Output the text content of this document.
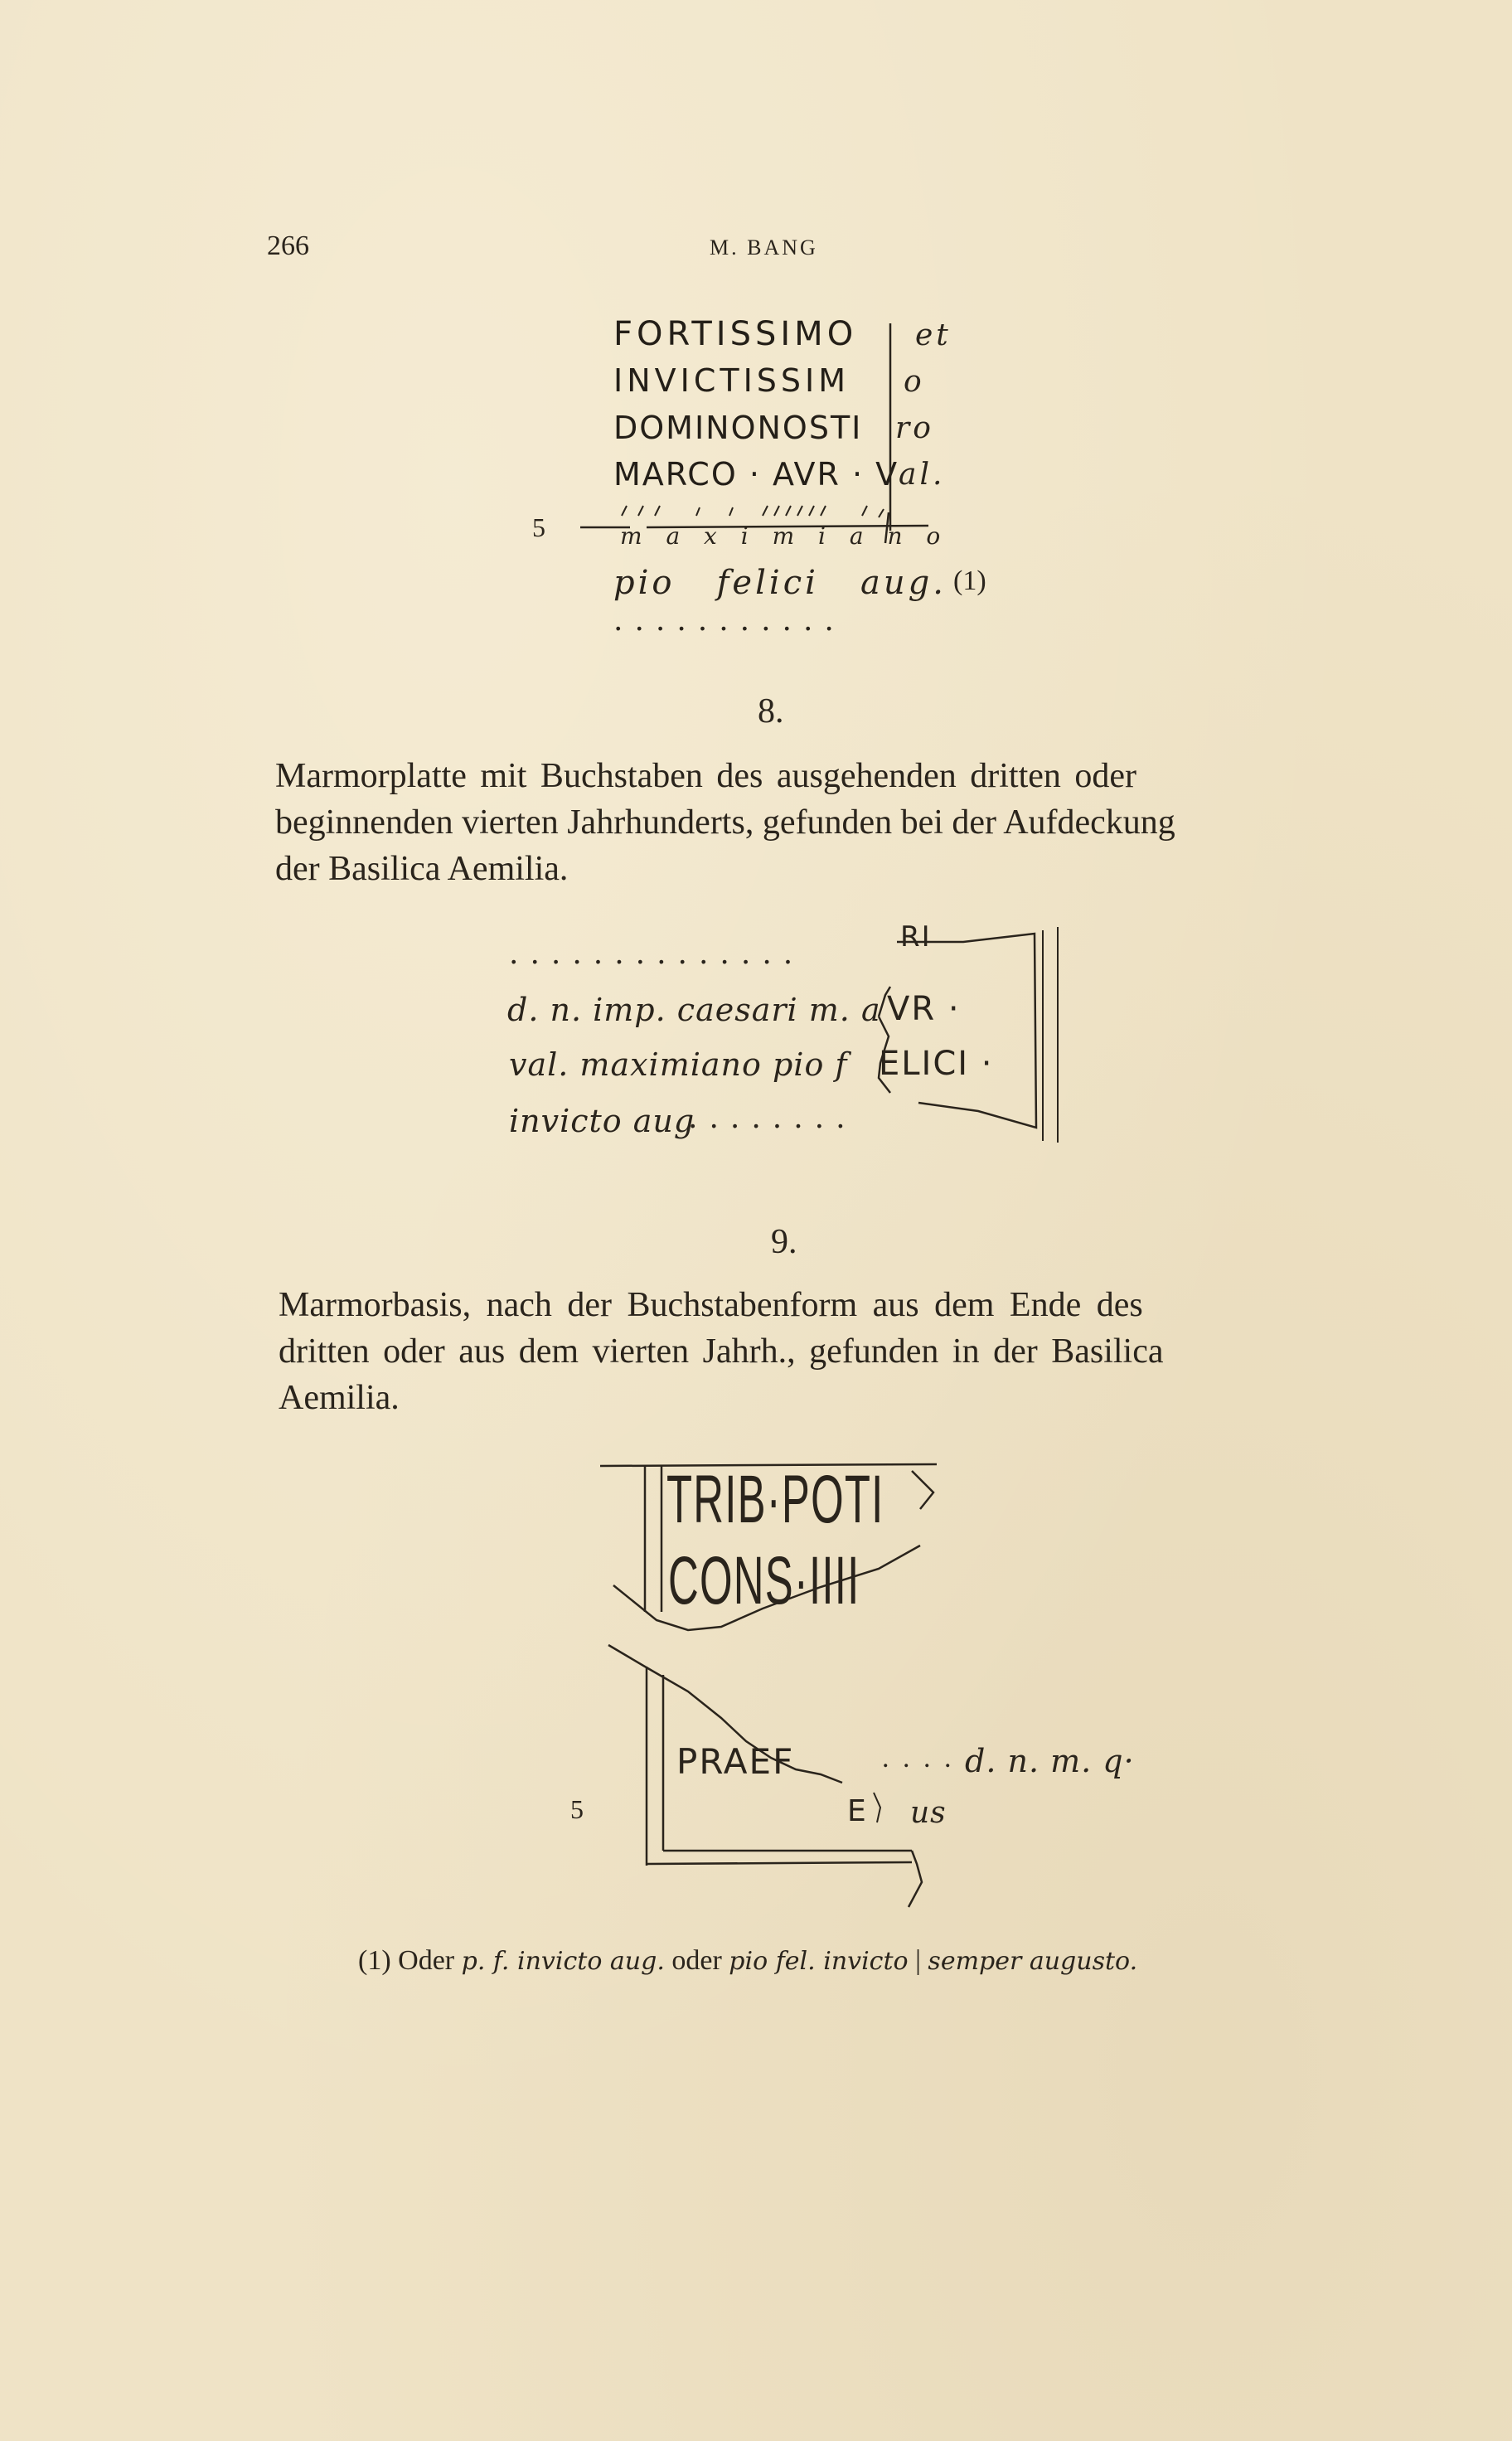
266	M. BANG
FORTISSIMO
INVICTISSIM
DOMINONOSTI
MARCO · AVR · V
et
o
ro
al.
5	m a x i m i a n o
pio   felici   aug. (1)
...........
8.
Marmorplatte mit Buchstaben des ausgehenden dritten oder
beginnenden vierten Jahrhunderts, gefunden bei der Aufdeckung
der Basilica Aemilia.
..............	RI
d. n. imp. caesari m. a VR ·
val. maximiano pio f ELICI ·
invicto aug
........
9.
Marmorbasis, nach der Buchstabenform aus dem Ende des
dritten oder aus dem vierten Jahrh., gefunden in der Basilica
Aemilia.
TRIB·POTI
CONS·IIII
PRAEF	. . . . d. n. m. q·
5	E us
(1) Oder p. f. invicto aug. oder pio fel. invicto | semper augusto.
